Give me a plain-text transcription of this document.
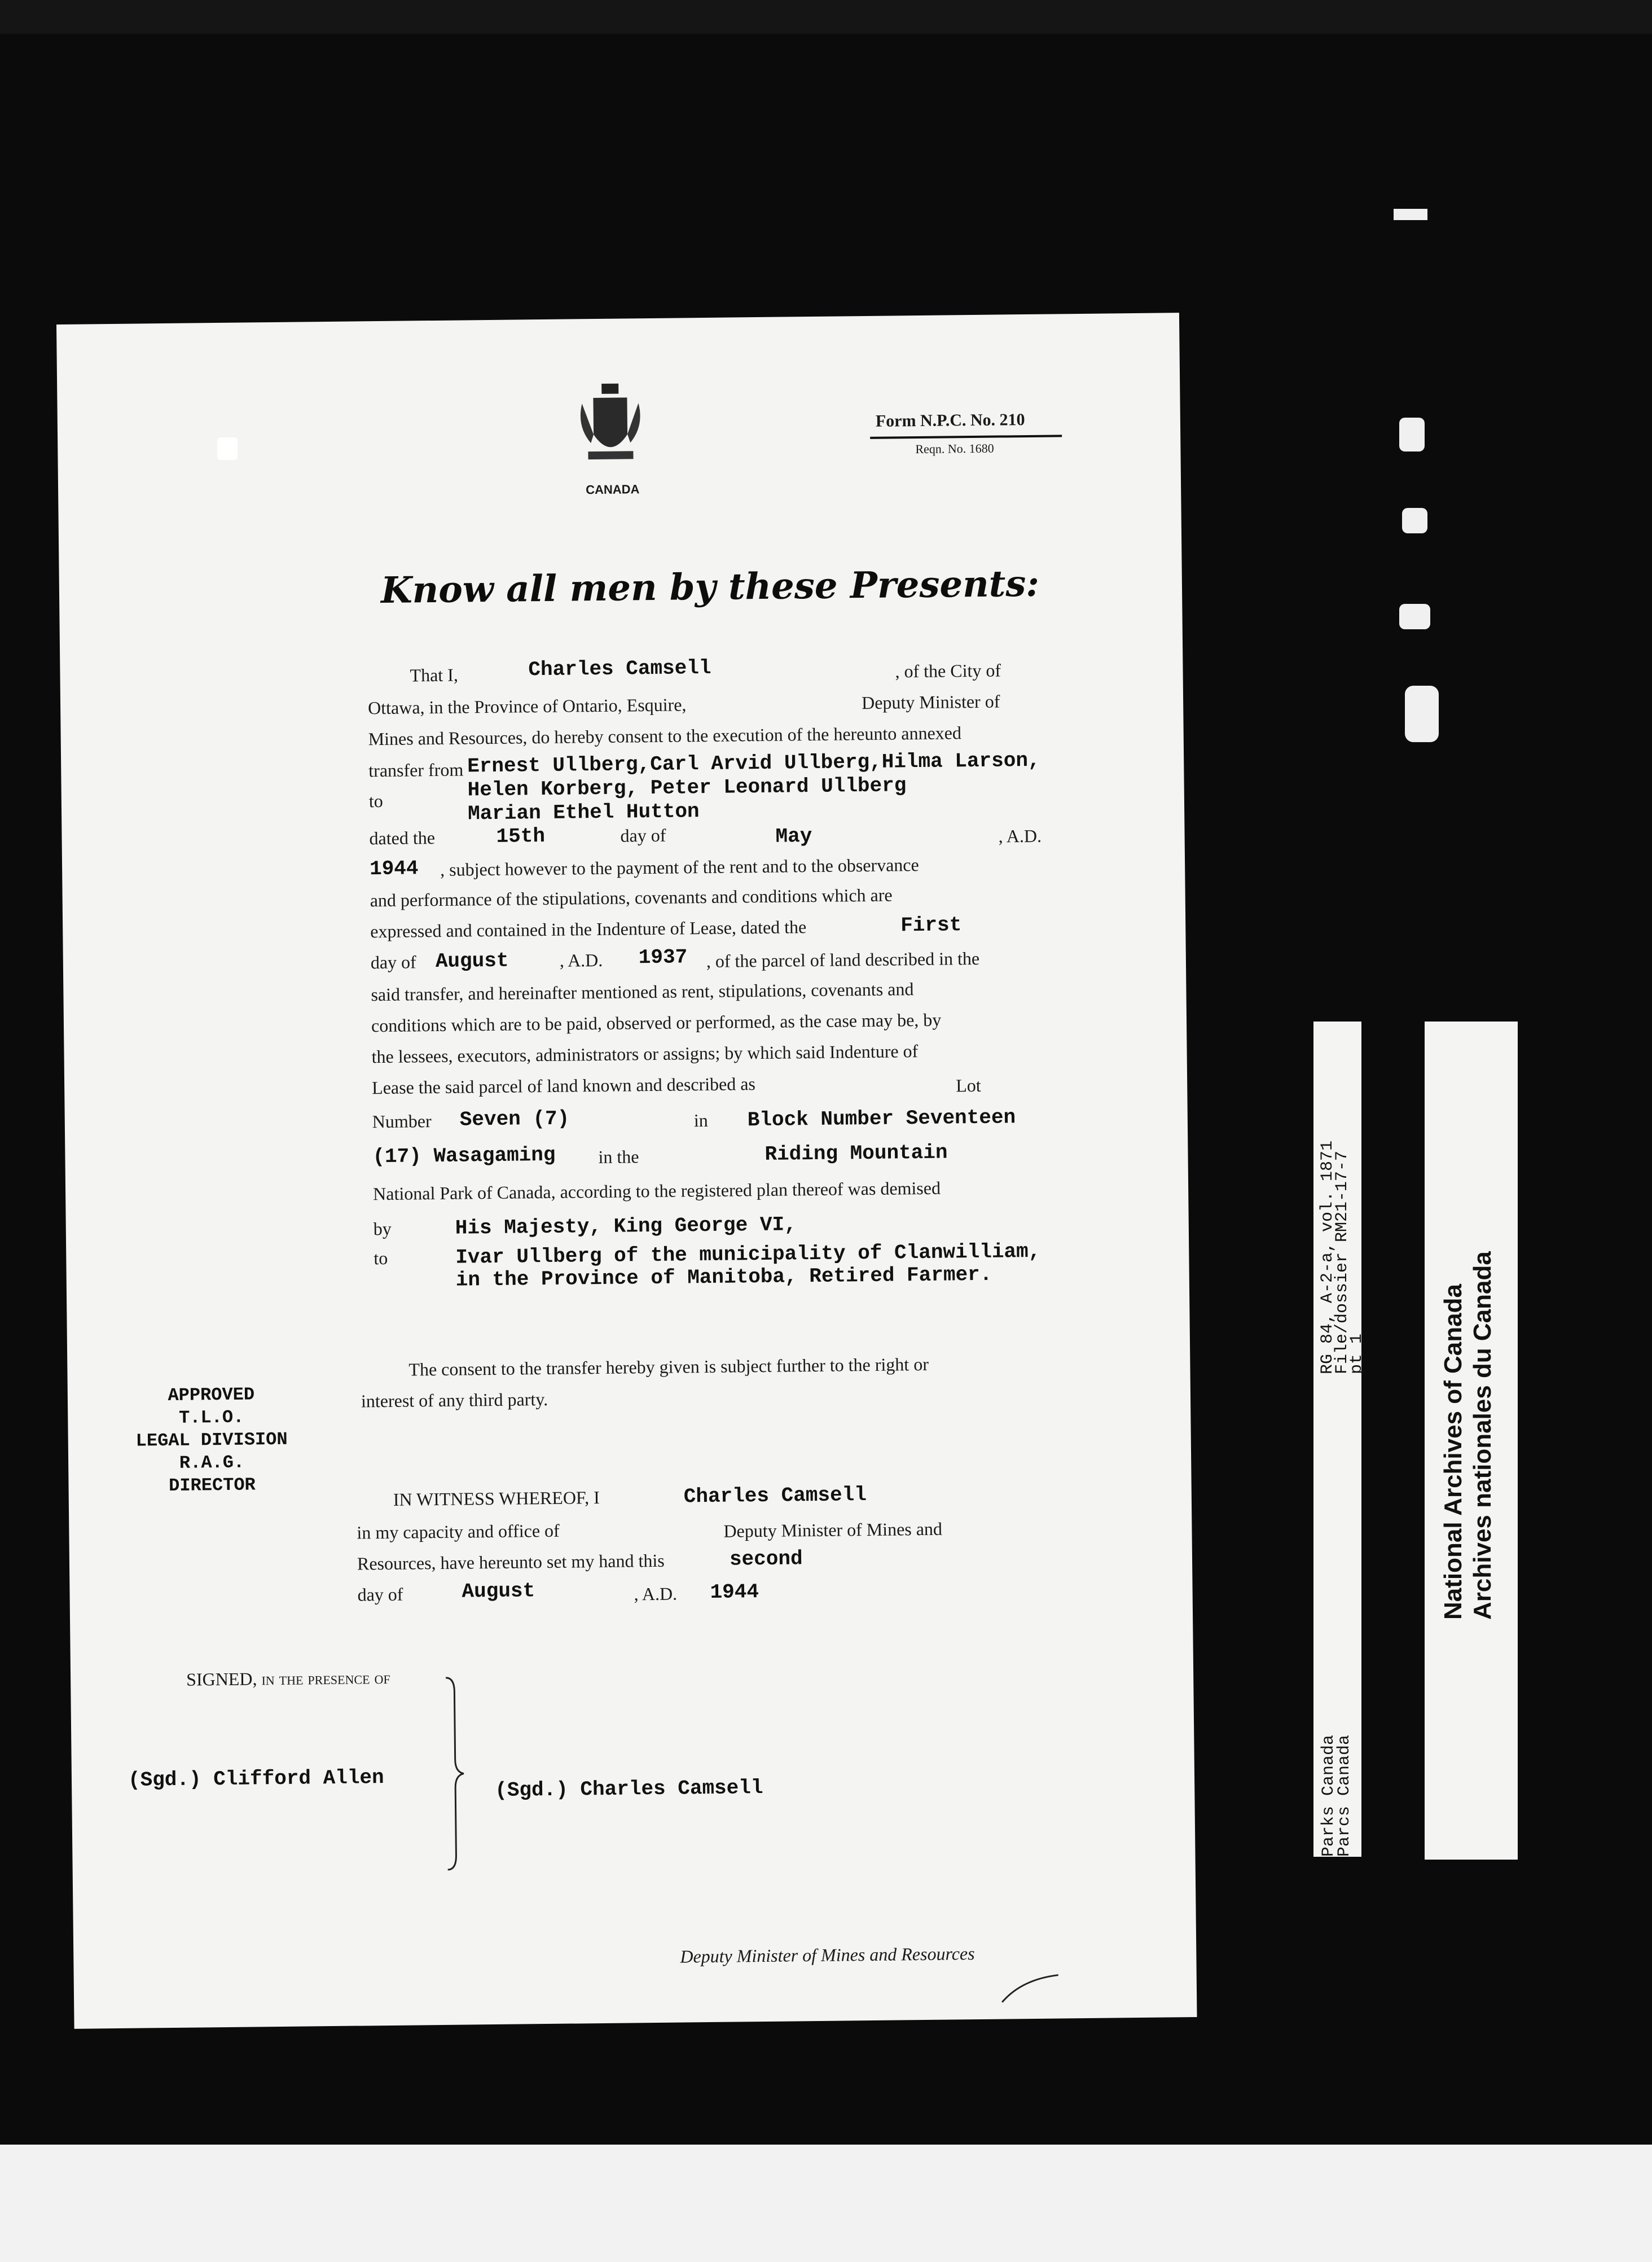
CANADA
Form N.P.C. No. 210
Reqn. No. 1680
Know all men by these Presents:
That I,	Charles Camsell	, of the City of
Ottawa, in the Province of Ontario, Esquire,	Deputy Minister of
Mines and Resources, do hereby consent to the execution of the hereunto annexed
transfer from Ernest Ullberg,Carl Arvid Ullberg,Hilma Larson,
to	Helen Korberg, Peter Leonard Ullberg
Marian Ethel Hutton
dated the	15th	day of	May	, A.D.
1944 , subject however to the payment of the rent and to the observance
and performance of the stipulations, covenants and conditions which are
expressed and contained in the Indenture of Lease, dated the	First
day of August	, A.D. 1937 , of the parcel of land described in the
said transfer, and hereinafter mentioned as rent, stipulations, covenants and
conditions which are to be paid, observed or performed, as the case may be, by
the lessees, executors, administrators or assigns; by which said Indenture of
Lease the said parcel of land known and described as	Lot
Number Seven (7)	in Block Number Seventeen
(17) Wasagaming in the	Riding Mountain
National Park of Canada, according to the registered plan thereof was demised
by	His Majesty, King George VI,
to	Ivar Ullberg of the municipality of Clanwilliam,
in the Province of Manitoba, Retired Farmer.
APPROVED
T.L.O.
LEGAL DIVISION
R.A.G.
DIRECTOR
The consent to the transfer hereby given is subject further to the right or
interest of any third party.
IN WITNESS WHEREOF, I	Charles Camsell
in my capacity and office of	Deputy Minister of Mines and
Resources, have hereunto set my hand this	second
day of	August	, A.D. 1944
SIGNED, in the presence of
(Sgd.) Clifford Allen	(Sgd.) Charles Camsell
Deputy Minister of Mines and Resources
RG 84, A-2-a, vol. 1871
File/dossier RM21-17-7
pt 1
Parks Canada
Parcs Canada
National Archives of Canada Archives nationales du Canada
